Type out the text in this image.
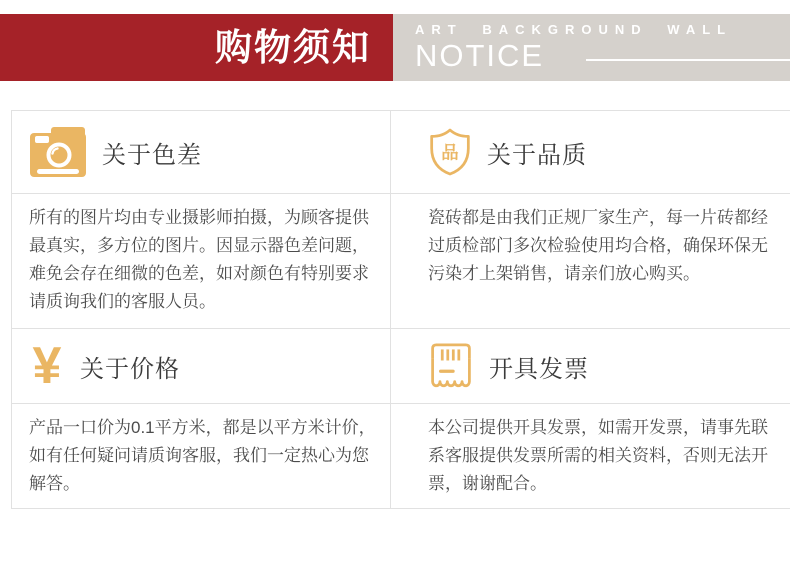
购物须知	ART BACKGROUND WALL
NOTICE
关于色差	品 关于品质

所有的图片均由专业摄影师拍摄，为顾客提供最真实，多方位的图片。因显示器色差问题，难免会存在细微的色差，如对颜色有特别要求请质询我们的客服人员。

瓷砖都是由我们正规厂家生产，每一片砖都经过质检部门多次检验使用均合格，确保环保无污染才上架销售，请亲们放心购买。

¥ 关于价格	开具发票

产品一口价为0.1平方米，都是以平方米计价，如有任何疑问请质询客服，我们一定热心为您解答。

本公司提供开具发票，如需开发票，请事先联系客服提供发票所需的相关资料，否则无法开票，谢谢配合。
